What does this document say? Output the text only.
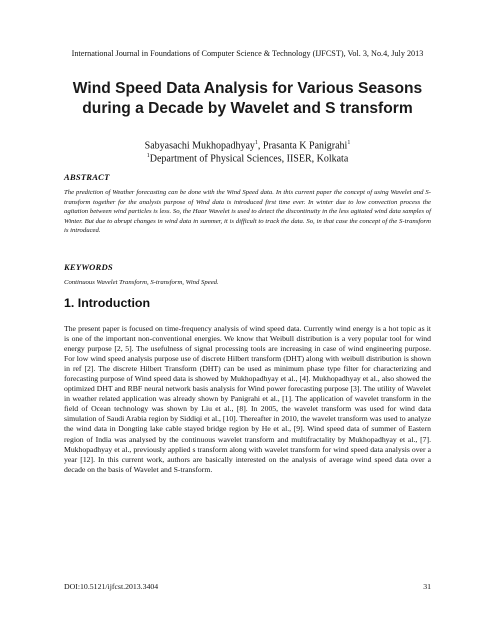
International Journal in Foundations of Computer Science & Technology (IJFCST), Vol. 3, No.4, July 2013
Wind Speed Data Analysis for Various Seasons
during a Decade by Wavelet and S transform
Sabyasachi Mukhopadhyay$^1$, Prasanta K Panigrahi$^1$
$^1$Department of Physical Sciences, IISER, Kolkata
ABSTRACT
The prediction of Weather forecasting can be done with the Wind Speed data. In this current paper the concept of using Wavelet and S-transform together for the analysis purpose of Wind data is introduced first time ever. In winter due to low convection process the agitation between wind particles is less. So, the Haar Wavelet is used to detect the discontinuity in the less agitated wind data samples of Winter. But due to abrupt changes in wind data in summer, it is difficult to track the data. So, in that case the concept of the S-transform is introduced.
KEYWORDS
Continuous Wavelet Transform, S-transform, Wind Speed.
1. Introduction
The present paper is focused on time-frequency analysis of wind speed data. Currently wind energy is a hot topic as it is one of the important non-conventional energies. We know that Weibull distribution is a very popular tool for wind energy purpose [2, 5]. The usefulness of signal processing tools are increasing in case of wind engineering purpose. For low wind speed analysis purpose use of discrete Hilbert transform (DHT) along with weibull distribution is shown in ref [2]. The discrete Hilbert Transform (DHT) can be used as minimum phase type filter for characterizing and forecasting purpose of Wind speed data is showed by Mukhopadhyay et al., [4]. Mukhopadhyay et al., also showed the optimized DHT and RBF neural network basis analysis for Wind power forecasting purpose [3]. The utility of Wavelet in weather related application was already shown by Panigrahi et al., [1]. The application of wavelet transform in the field of Ocean technology was shown by Liu et al., [8]. In 2005, the wavelet transform was used for wind data simulation of Saudi Arabia region by Siddiqi et al., [10]. Thereafter in 2010, the wavelet transform was used to analyze the wind data in Dongting lake cable stayed bridge region by He et al., [9]. Wind speed data of summer of Eastern region of India was analysed by the continuous wavelet transform and multifractality by Mukhopadhyay et al., [7]. Mukhopadhyay et al., previously applied s transform along with wavelet transform for wind speed data analysis over a year [12]. In this current work, authors are basically interested on the analysis of average wind speed data over a decade on the basis of Wavelet and S-transform.
DOI:10.5121/ijfcst.2013.3404	31
